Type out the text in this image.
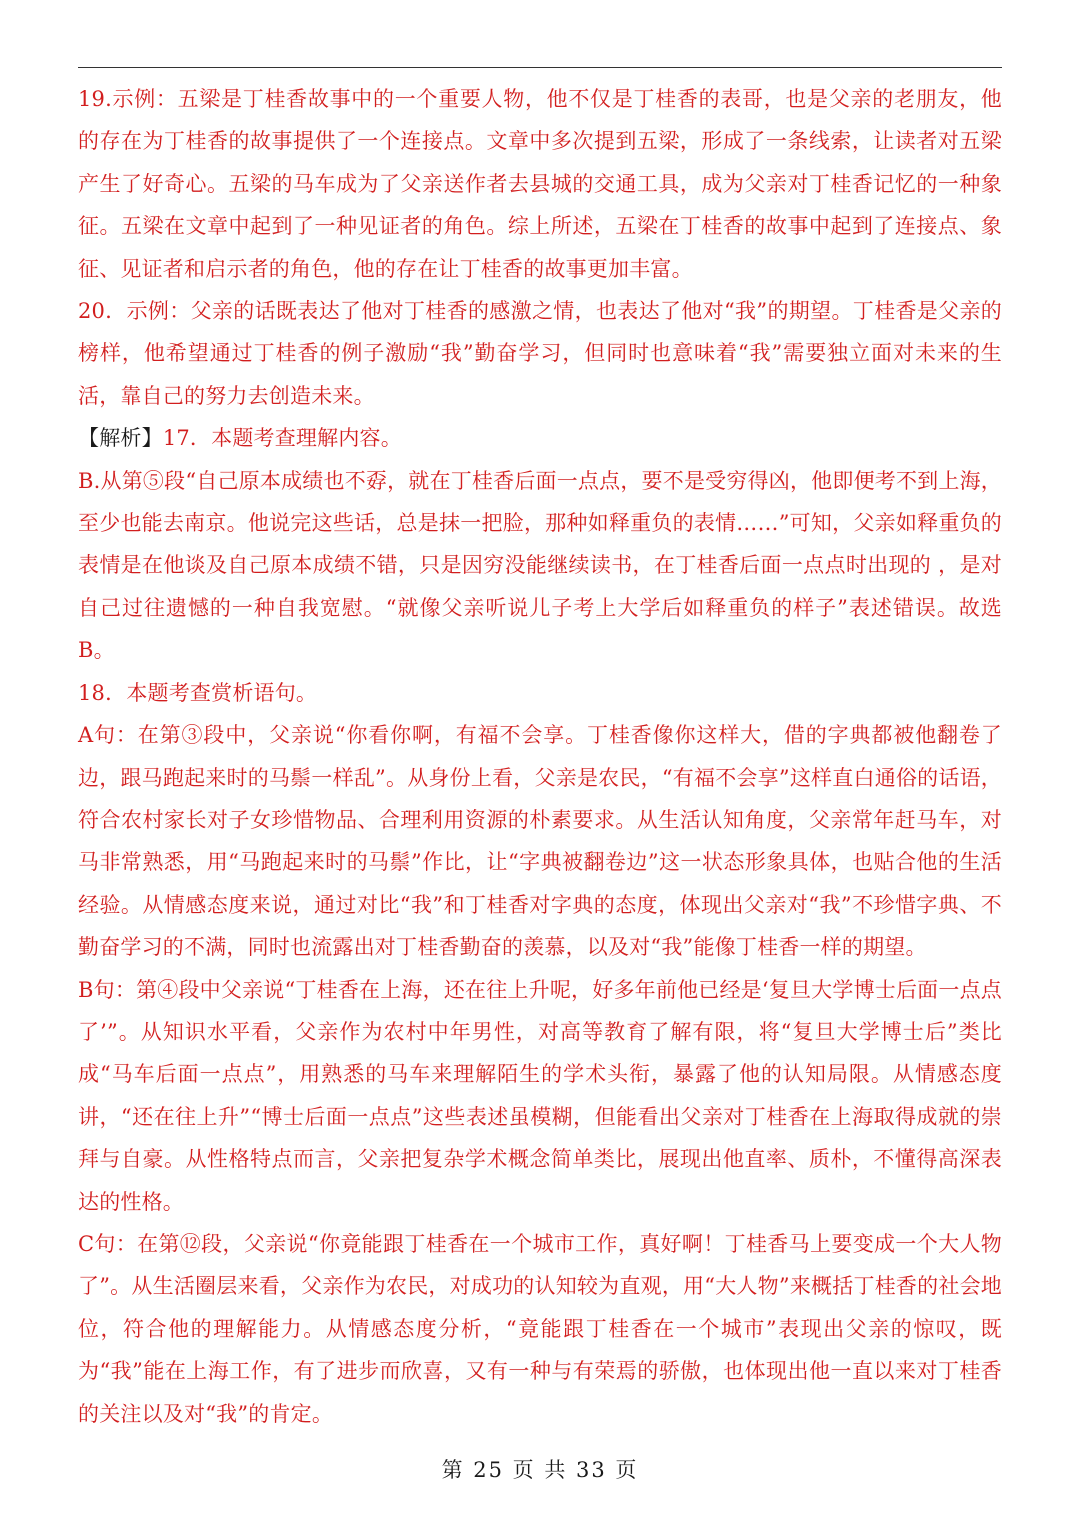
19.示例：五梁是丁桂香故事中的一个重要人物，他不仅是丁桂香的表哥，也是父亲的老朋友，他的存在为丁桂香的故事提供了一个连接点。文章中多次提到五梁，形成了一条线索，让读者对五梁产生了好奇心。五梁的马车成为了父亲送作者去县城的交通工具，成为父亲对丁桂香记忆的一种象征。五梁在文章中起到了一种见证者的角色。综上所述，五梁在丁桂香的故事中起到了连接点、象征、见证者和启示者的角色，他的存在让丁桂香的故事更加丰富。

20．示例：父亲的话既表达了他对丁桂香的感激之情，也表达了他对“我”的期望。丁桂香是父亲的榜样，他希望通过丁桂香的例子激励“我”勤奋学习，但同时也意味着“我”需要独立面对未来的生活，靠自己的努力去创造未来。

【解析】17．本题考查理解内容。

B.从第⑤段“自己原本成绩也不孬，就在丁桂香后面一点点，要不是受穷得凶，他即便考不到上海，至少也能去南京。他说完这些话，总是抹一把脸，那种如释重负的表情……”可知，父亲如释重负的表情是在他谈及自己原本成绩不错，只是因穷没能继续读书，在丁桂香后面一点点时出现的 ，是对自己过往遗憾的一种自我宽慰。“就像父亲听说儿子考上大学后如释重负的样子”表述错误。故选B。

18．本题考查赏析语句。

A句：在第③段中，父亲说“你看你啊，有福不会享。丁桂香像你这样大，借的字典都被他翻卷了边，跟马跑起来时的马鬃一样乱”。从身份上看，父亲是农民，“有福不会享”这样直白通俗的话语，符合农村家长对子女珍惜物品、合理利用资源的朴素要求。从生活认知角度，父亲常年赶马车，对马非常熟悉，用“马跑起来时的马鬃”作比，让“字典被翻卷边”这一状态形象具体，也贴合他的生活经验。从情感态度来说，通过对比“我”和丁桂香对字典的态度，体现出父亲对“我”不珍惜字典、不勤奋学习的不满，同时也流露出对丁桂香勤奋的羡慕，以及对“我”能像丁桂香一样的期望。

B句：第④段中父亲说“丁桂香在上海，还在往上升呢，好多年前他已经是‘复旦大学博士后面一点点了’”。从知识水平看，父亲作为农村中年男性，对高等教育了解有限，将“复旦大学博士后”类比成“马车后面一点点”，用熟悉的马车来理解陌生的学术头衔，暴露了他的认知局限。从情感态度讲，“还在往上升”“博士后面一点点”这些表述虽模糊，但能看出父亲对丁桂香在上海取得成就的崇拜与自豪。从性格特点而言，父亲把复杂学术概念简单类比，展现出他直率、质朴，不懂得高深表达的性格。

C句：在第⑫段，父亲说“你竟能跟丁桂香在一个城市工作，真好啊！丁桂香马上要变成一个大人物了”。从生活圈层来看，父亲作为农民，对成功的认知较为直观，用“大人物”来概括丁桂香的社会地位，符合他的理解能力。从情感态度分析，“竟能跟丁桂香在一个城市”表现出父亲的惊叹，既为“我”能在上海工作，有了进步而欣喜，又有一种与有荣焉的骄傲，也体现出他一直以来对丁桂香的关注以及对“我”的肯定。

第 25 页 共 33 页
